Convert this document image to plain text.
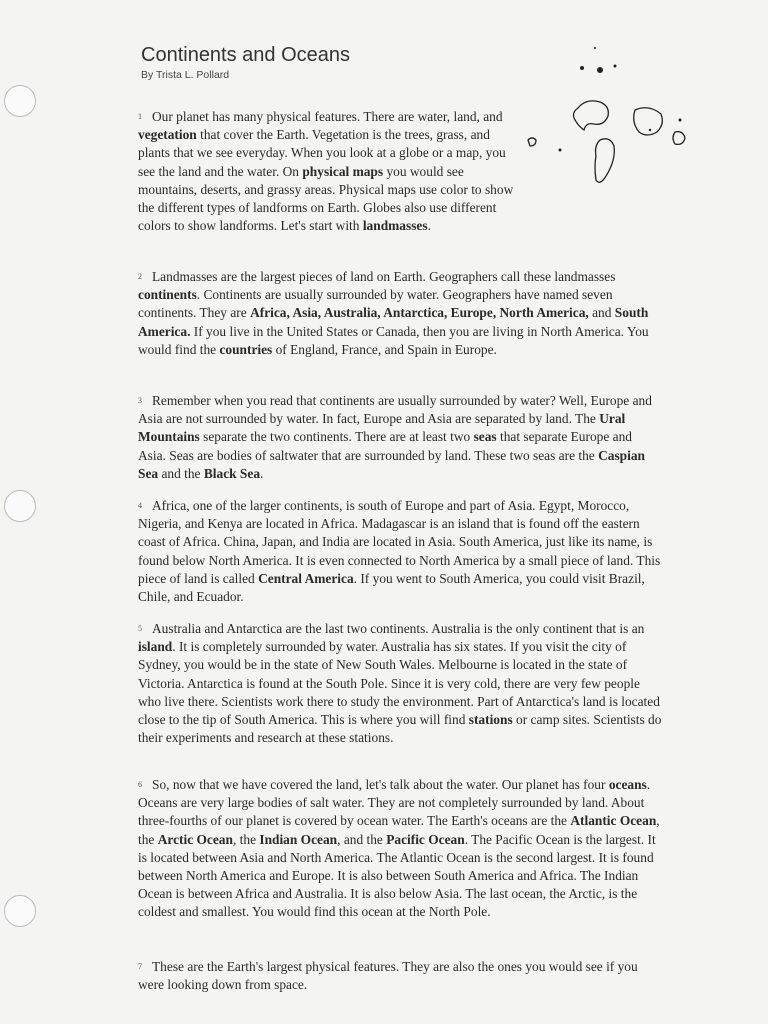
Continents and Oceans
By Trista L. Pollard

$^1$ Our planet has many physical features. There are water, land, and vegetation that cover the Earth. Vegetation is the trees, grass, and plants that we see everyday. When you look at a globe or a map, you see the land and the water. On physical maps you would see mountains, deserts, and grassy areas. Physical maps use color to show the different types of landforms on Earth. Globes also use different colors to show landforms. Let's start with landmasses.

$^2$ Landmasses are the largest pieces of land on Earth. Geographers call these landmasses continents. Continents are usually surrounded by water. Geographers have named seven continents. They are Africa, Asia, Australia, Antarctica, Europe, North America, and South America. If you live in the United States or Canada, then you are living in North America. You would find the countries of England, France, and Spain in Europe.

$^3$ Remember when you read that continents are usually surrounded by water? Well, Europe and Asia are not surrounded by water. In fact, Europe and Asia are separated by land. The Ural Mountains separate the two continents. There are at least two seas that separate Europe and Asia. Seas are bodies of saltwater that are surrounded by land. These two seas are the Caspian Sea and the Black Sea.

$^4$ Africa, one of the larger continents, is south of Europe and part of Asia. Egypt, Morocco, Nigeria, and Kenya are located in Africa. Madagascar is an island that is found off the eastern coast of Africa. China, Japan, and India are located in Asia. South America, just like its name, is found below North America. It is even connected to North America by a small piece of land. This piece of land is called Central America. If you went to South America, you could visit Brazil, Chile, and Ecuador.

$^5$ Australia and Antarctica are the last two continents. Australia is the only continent that is an island. It is completely surrounded by water. Australia has six states. If you visit the city of Sydney, you would be in the state of New South Wales. Melbourne is located in the state of Victoria. Antarctica is found at the South Pole. Since it is very cold, there are very few people who live there. Scientists work there to study the environment. Part of Antarctica's land is located close to the tip of South America. This is where you will find stations or camp sites. Scientists do their experiments and research at these stations.

$^6$ So, now that we have covered the land, let's talk about the water. Our planet has four oceans. Oceans are very large bodies of salt water. They are not completely surrounded by land. About three-fourths of our planet is covered by ocean water. The Earth's oceans are the Atlantic Ocean, the Arctic Ocean, the Indian Ocean, and the Pacific Ocean. The Pacific Ocean is the largest. It is located between Asia and North America. The Atlantic Ocean is the second largest. It is found between North America and Europe. It is also between South America and Africa. The Indian Ocean is between Africa and Australia. It is also below Asia. The last ocean, the Arctic, is the coldest and smallest. You would find this ocean at the North Pole.

$^7$ These are the Earth's largest physical features. They are also the ones you would see if you were looking down from space.
